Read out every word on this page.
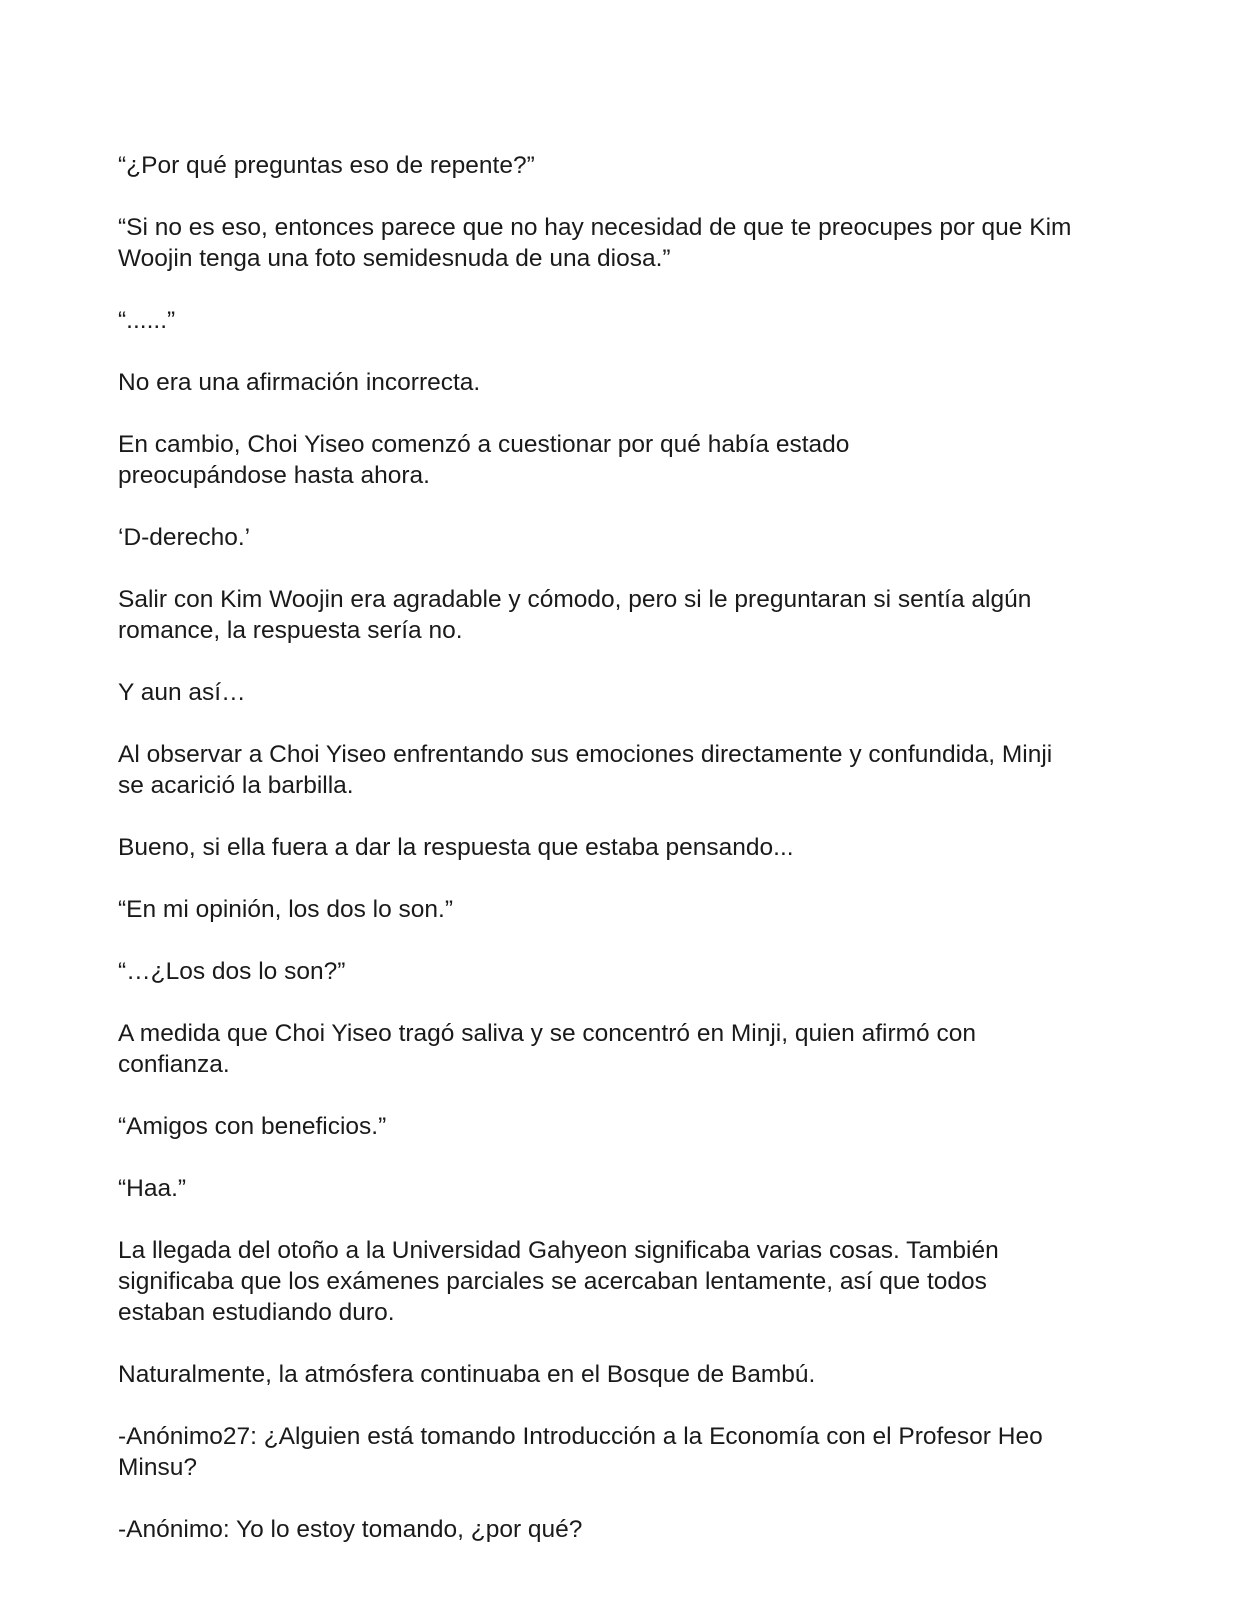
“¿Por qué preguntas eso de repente?”

“Si no es eso, entonces parece que no hay necesidad de que te preocupes por que Kim Woojin tenga una foto semidesnuda de una diosa.”

“......”

No era una afirmación incorrecta.

En cambio, Choi Yiseo comenzó a cuestionar por qué había estado preocupándose hasta ahora.

‘D-derecho.’

Salir con Kim Woojin era agradable y cómodo, pero si le preguntaran si sentía algún romance, la respuesta sería no.

Y aun así…

Al observar a Choi Yiseo enfrentando sus emociones directamente y confundida, Minji se acarició la barbilla.

Bueno, si ella fuera a dar la respuesta que estaba pensando...

“En mi opinión, los dos lo son.”

“…¿Los dos lo son?”

A medida que Choi Yiseo tragó saliva y se concentró en Minji, quien afirmó con confianza.

“Amigos con beneficios.”

“Haa.”

La llegada del otoño a la Universidad Gahyeon significaba varias cosas. También significaba que los exámenes parciales se acercaban lentamente, así que todos estaban estudiando duro.

Naturalmente, la atmósfera continuaba en el Bosque de Bambú.

-Anónimo27: ¿Alguien está tomando Introducción a la Economía con el Profesor Heo Minsu?

-Anónimo: Yo lo estoy tomando, ¿por qué?
